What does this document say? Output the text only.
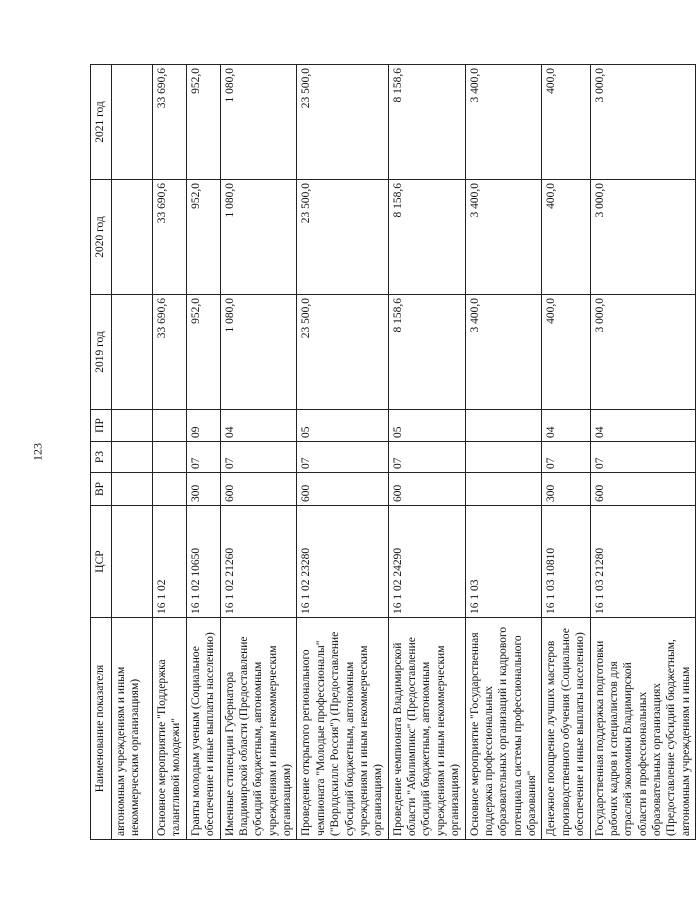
123
Наименование показателя	ЦСР	ВР	РЗ	ПР	2019 год	2020 год	2021 год
автономным учреждениям и иным некоммерческим организациям)							
Основное мероприятие "Поддержка талантливой молодежи"	16 1 02				33 690,6	33 690,6	33 690,6
Гранты молодым ученым (Социальное обеспечение и иные выплаты населению)	16 1 02 10650	300	07	09	952,0	952,0	952,0
Именные стипендии Губернатора Владимирской области (Предоставление субсидий бюджетным, автономным учреждениям и иным некоммерческим организациям)	16 1 02 21260	600	07	04	1 080,0	1 080,0	1 080,0
Проведение открытого регионального чемпионата "Молодые профессионалы" ("Ворлдскиллс Россия") (Предоставление субсидий бюджетным, автономным учреждениям и иным некоммерческим организациям)	16 1 02 23280	600	07	05	23 500,0	23 500,0	23 500,0
Проведение чемпионата Владимирской области "Абилимпикс" (Предоставление субсидий бюджетным, автономным учреждениям и иным некоммерческим организациям)	16 1 02 24290	600	07	05	8 158,6	8 158,6	8 158,6
Основное мероприятие "Государственная поддержка профессиональных образовательных организаций и кадрового потенциала системы профессионального образования"	16 1 03				3 400,0	3 400,0	3 400,0
Денежное поощрение лучших мастеров производственного обучения (Социальное обеспечение и иные выплаты населению)	16 1 03 10810	300	07	04	400,0	400,0	400,0
Государственная поддержка подготовки рабочих кадров и специалистов для отраслей экономики Владимирской области в профессиональных образовательных организациях (Предоставление субсидий бюджетным, автономным учреждениям и иным	16 1 03 21280	600	07	04	3 000,0	3 000,0	3 000,0
